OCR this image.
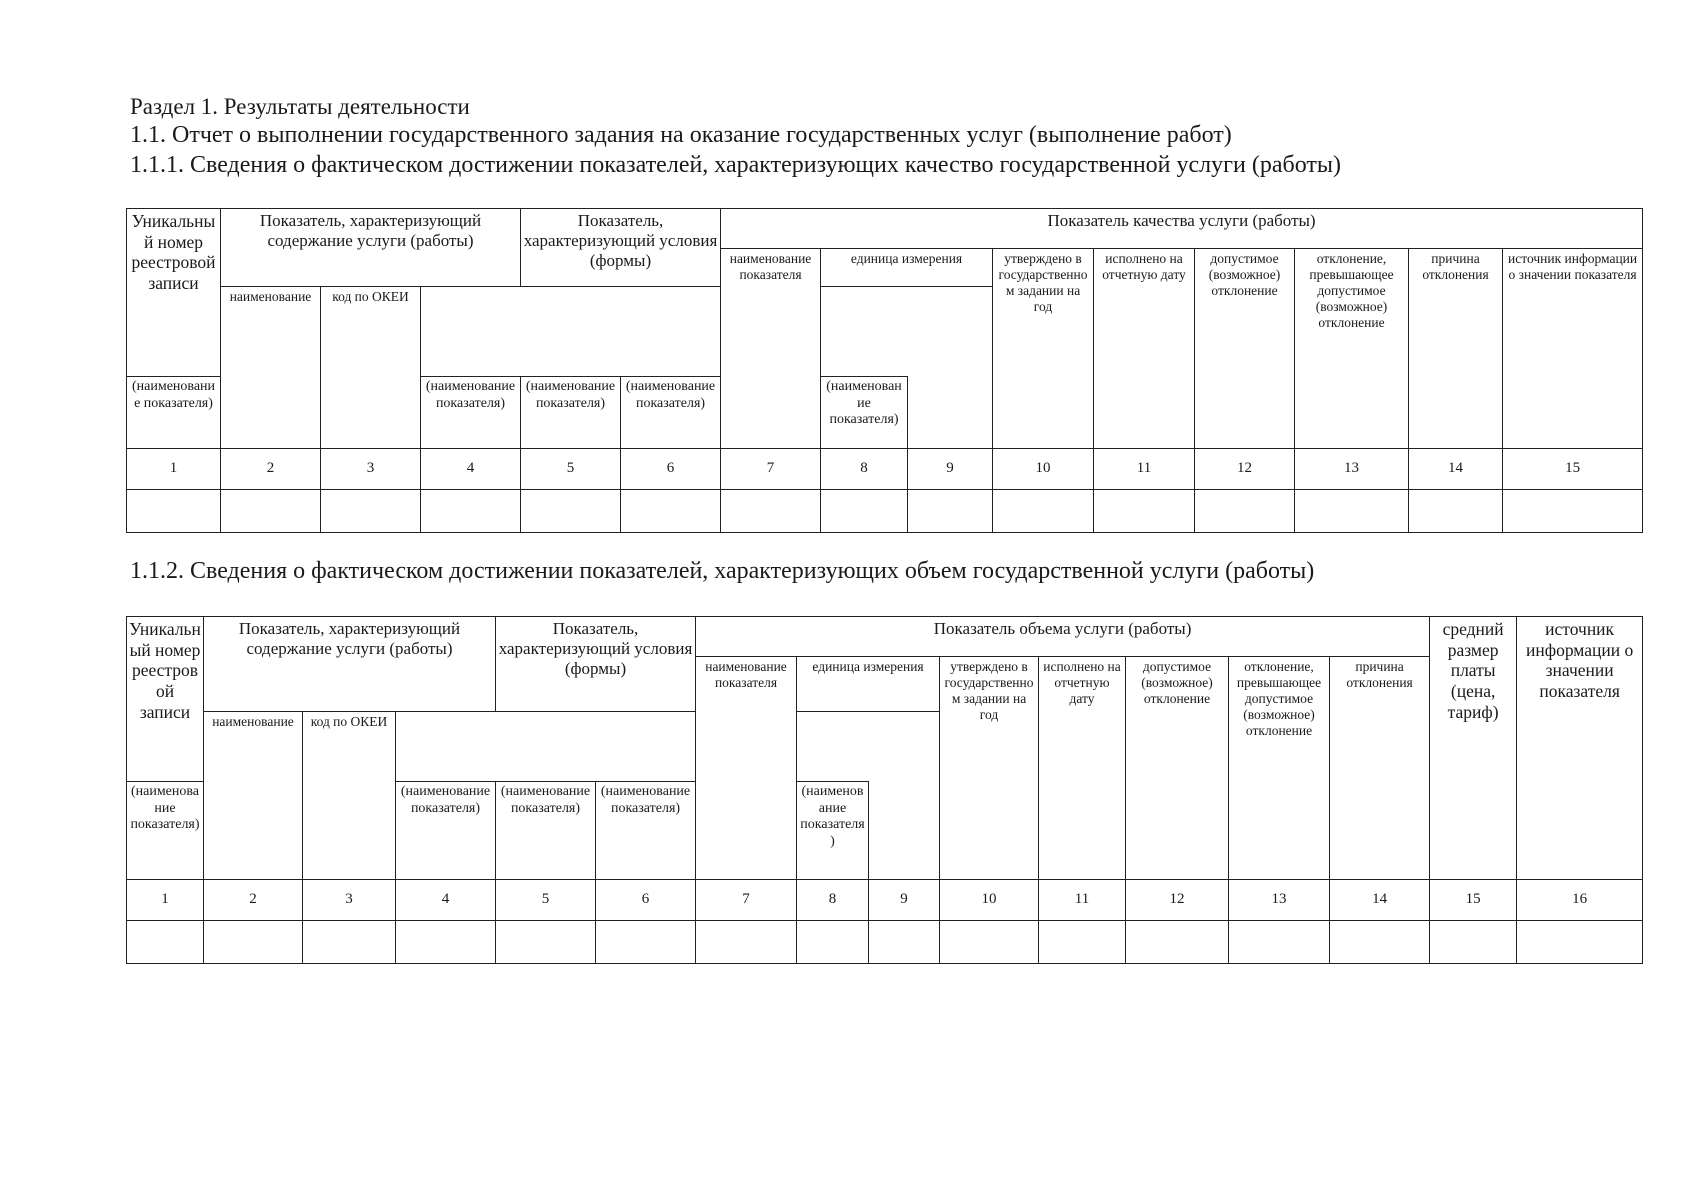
Раздел 1. Результаты деятельности
1.1. Отчет о выполнении государственного задания на оказание государственных услуг (выполнение работ)
1.1.1. Сведения о фактическом достижении показателей, характеризующих качество государственной услуги (работы)
Уникальный номер реестровой записи	Показатель, характеризующий содержание услуги (работы)			Показатель, характеризующий условия (формы)		Показатель качества услуги (работы)								
						наименование показателя	единица измерения		утверждено в государственном задании на год	исполнено на отчетную дату	допустимое (возможное) отклонение	отклонение, превышающее допустимое (возможное) отклонение	причина отклонения	источник информации о значении показателя
	наименование	код по ОКЕИ												
(наименование показателя)			(наименование показателя)	(наименование показателя)	(наименование показателя)		(наименование показателя)							
1	2	3	4	5	6	7	8	9	10	11	12	13	14	15

1.1.2. Сведения о фактическом достижении показателей, характеризующих объем государственной услуги (работы)
Уникальный номер реестровой записи	Показатель, характеризующий содержание услуги (работы)			Показатель, характеризующий условия (формы)		Показатель объема услуги (работы)								средний размер платы (цена, тариф)	источник информации о значении показателя
						наименование показателя	единица измерения		утверждено в государственном задании на год	исполнено на отчетную дату	допустимое (возможное) отклонение	отклонение, превышающее допустимое (возможное) отклонение	причина отклонения		
	наименование	код по ОКЕИ													
(наименование показателя)			(наименование показателя)	(наименование показателя)	(наименование показателя)		(наименование показателя)								
1	2	3	4	5	6	7	8	9	10	11	12	13	14	15	16
